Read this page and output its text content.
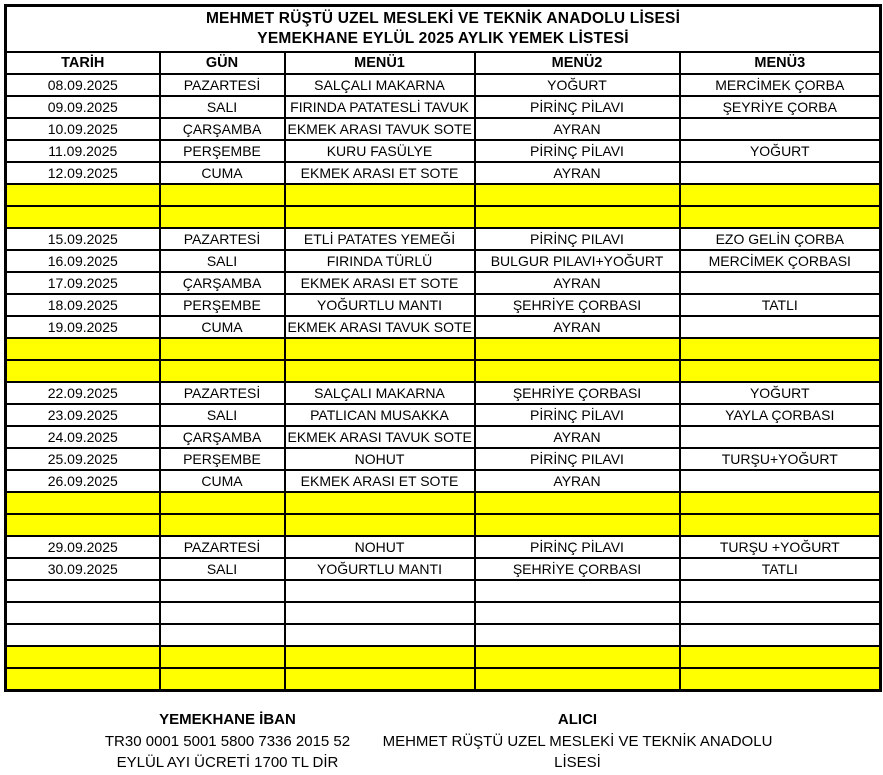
MEHMET RÜŞTÜ UZEL MESLEKİ VE TEKNİK ANADOLU LİSESİ
YEMEKHANE EYLÜL 2025 AYLIK YEMEK LİSTESİ				

TARİH	GÜN	MENÜ1	MENÜ2	MENÜ3
08.09.2025	PAZARTESİ	SALÇALI MAKARNA	YOĞURT	MERCİMEK ÇORBA
09.09.2025	SALI	FIRINDA PATATESLİ TAVUK	PİRİNÇ PİLAVI	ŞEYRİYE ÇORBA
10.09.2025	ÇARŞAMBA	EKMEK ARASI TAVUK SOTE	AYRAN	
11.09.2025	PERŞEMBE	KURU FASÜLYE	PİRİNÇ PİLAVI	YOĞURT
12.09.2025	CUMA	EKMEK ARASI ET SOTE	AYRAN	

15.09.2025	PAZARTESİ	ETLİ PATATES YEMEĞİ	PİRİNÇ PILAVI	EZO GELİN ÇORBA
16.09.2025	SALI	FIRINDA TÜRLÜ	BULGUR PILAVI+YOĞURT	MERCİMEK ÇORBASI
17.09.2025	ÇARŞAMBA	EKMEK ARASI ET SOTE	AYRAN	
18.09.2025	PERŞEMBE	YOĞURTLU MANTI	ŞEHRİYE ÇORBASI	TATLI
19.09.2025	CUMA	EKMEK ARASI TAVUK SOTE	AYRAN	

22.09.2025	PAZARTESİ	SALÇALI MAKARNA	ŞEHRİYE ÇORBASI	YOĞURT
23.09.2025	SALI	PATLICAN MUSAKKA	PİRİNÇ PİLAVI	YAYLA ÇORBASI
24.09.2025	ÇARŞAMBA	EKMEK ARASI TAVUK SOTE	AYRAN	
25.09.2025	PERŞEMBE	NOHUT	PİRİNÇ PILAVI	TURŞU+YOĞURT
26.09.2025	CUMA	EKMEK ARASI ET SOTE	AYRAN	

29.09.2025	PAZARTESİ	NOHUT	PİRİNÇ PİLAVI	TURŞU +YOĞURT
30.09.2025	SALI	YOĞURTLU MANTI	ŞEHRİYE ÇORBASI	TATLI

YEMEKHANE İBAN
TR30 0001 5001 5800 7336 2015 52
EYLÜL AYI ÜCRETİ 1700 TL DİR
ALICI
MEHMET RÜŞTÜ UZEL MESLEKİ VE TEKNİK ANADOLU LİSESİ
